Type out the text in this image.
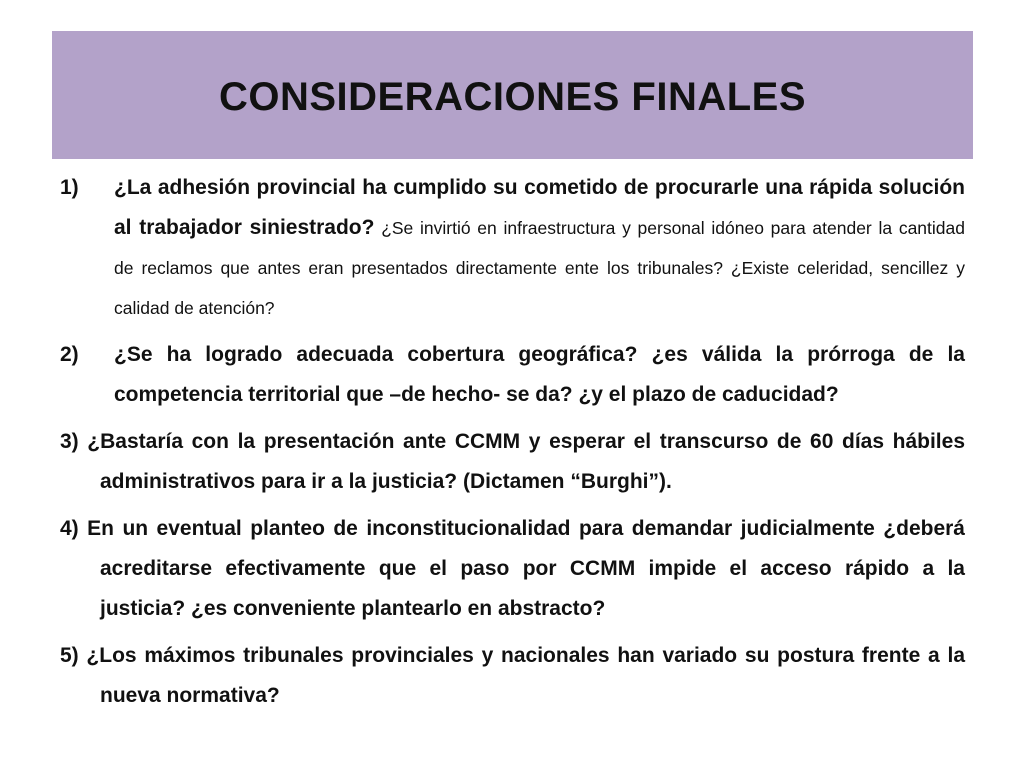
CONSIDERACIONES FINALES
1) ¿La adhesión provincial ha cumplido su cometido de procurarle una rápida solución al trabajador siniestrado? ¿Se invirtió en infraestructura y personal idóneo para atender la cantidad de reclamos que antes eran presentados directamente ente los tribunales? ¿Existe celeridad, sencillez y calidad de atención?
2) ¿Se ha logrado adecuada cobertura geográfica? ¿es válida la prórroga de la competencia territorial que –de hecho- se da? ¿y el plazo de caducidad?
3) ¿Bastaría con la presentación ante CCMM y esperar el transcurso de 60 días hábiles administrativos para ir a la justicia? (Dictamen “Burghi”).
4) En un eventual planteo de inconstitucionalidad para demandar judicialmente ¿deberá acreditarse efectivamente que el paso por CCMM impide el acceso rápido a la justicia? ¿es conveniente plantearlo en abstracto?
5) ¿Los máximos tribunales provinciales y nacionales han variado su postura frente a la nueva normativa?
